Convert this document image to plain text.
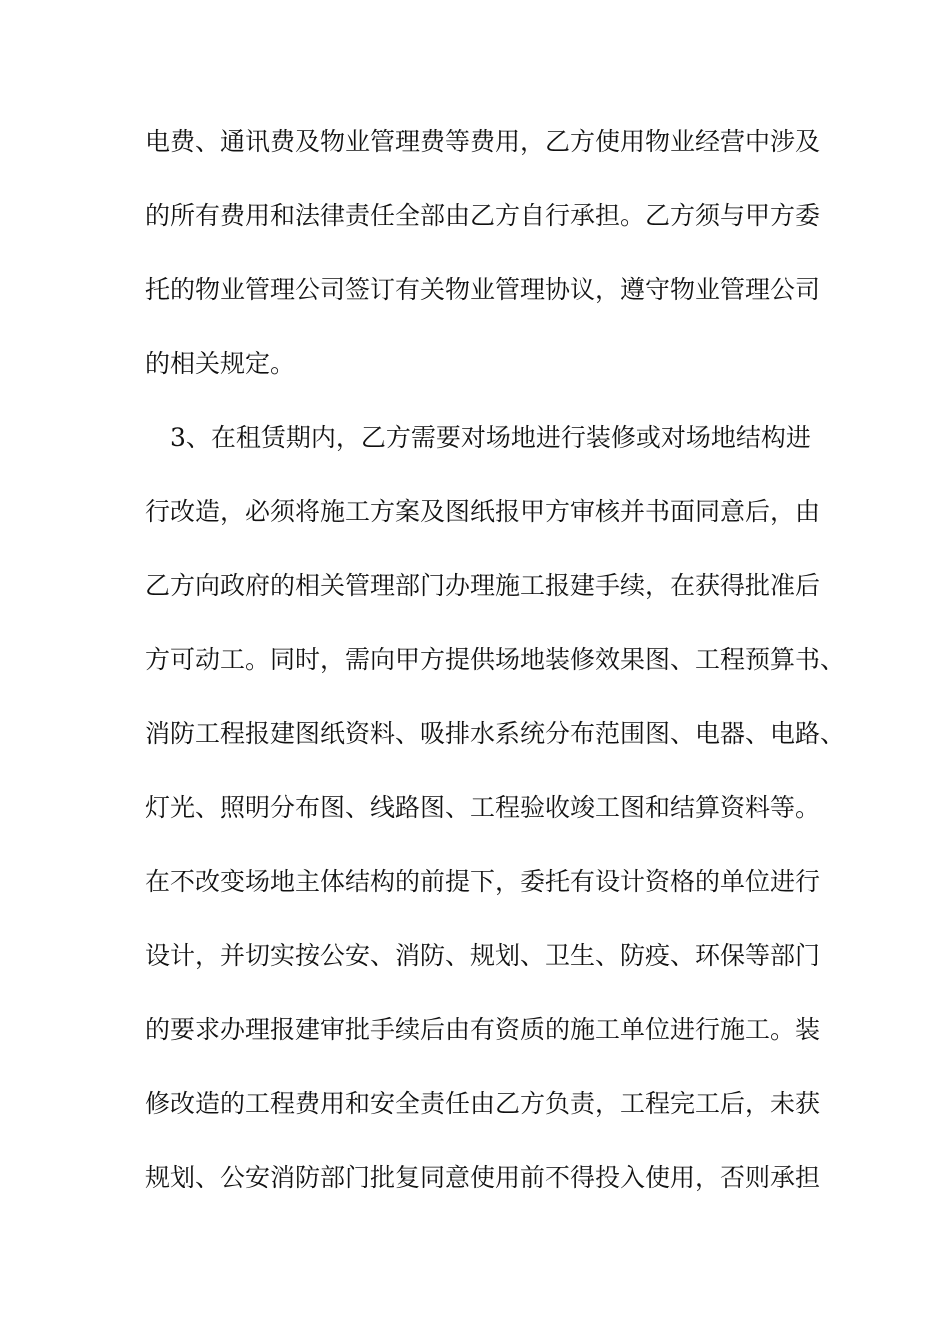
电费、通讯费及物业管理费等费用，乙方使用物业经营中涉及
的所有费用和法律责任全部由乙方自行承担。乙方须与甲方委
托的物业管理公司签订有关物业管理协议，遵守物业管理公司
的相关规定。
　3、在租赁期内，乙方需要对场地进行装修或对场地结构进
行改造，必须将施工方案及图纸报甲方审核并书面同意后，由
乙方向政府的相关管理部门办理施工报建手续，在获得批准后
方可动工。同时，需向甲方提供场地装修效果图、工程预算书、
消防工程报建图纸资料、吸排水系统分布范围图、电器、电路、
灯光、照明分布图、线路图、工程验收竣工图和结算资料等。
在不改变场地主体结构的前提下，委托有设计资格的单位进行
设计，并切实按公安、消防、规划、卫生、防疫、环保等部门
的要求办理报建审批手续后由有资质的施工单位进行施工。装
修改造的工程费用和安全责任由乙方负责，工程完工后，未获
规划、公安消防部门批复同意使用前不得投入使用，否则承担
